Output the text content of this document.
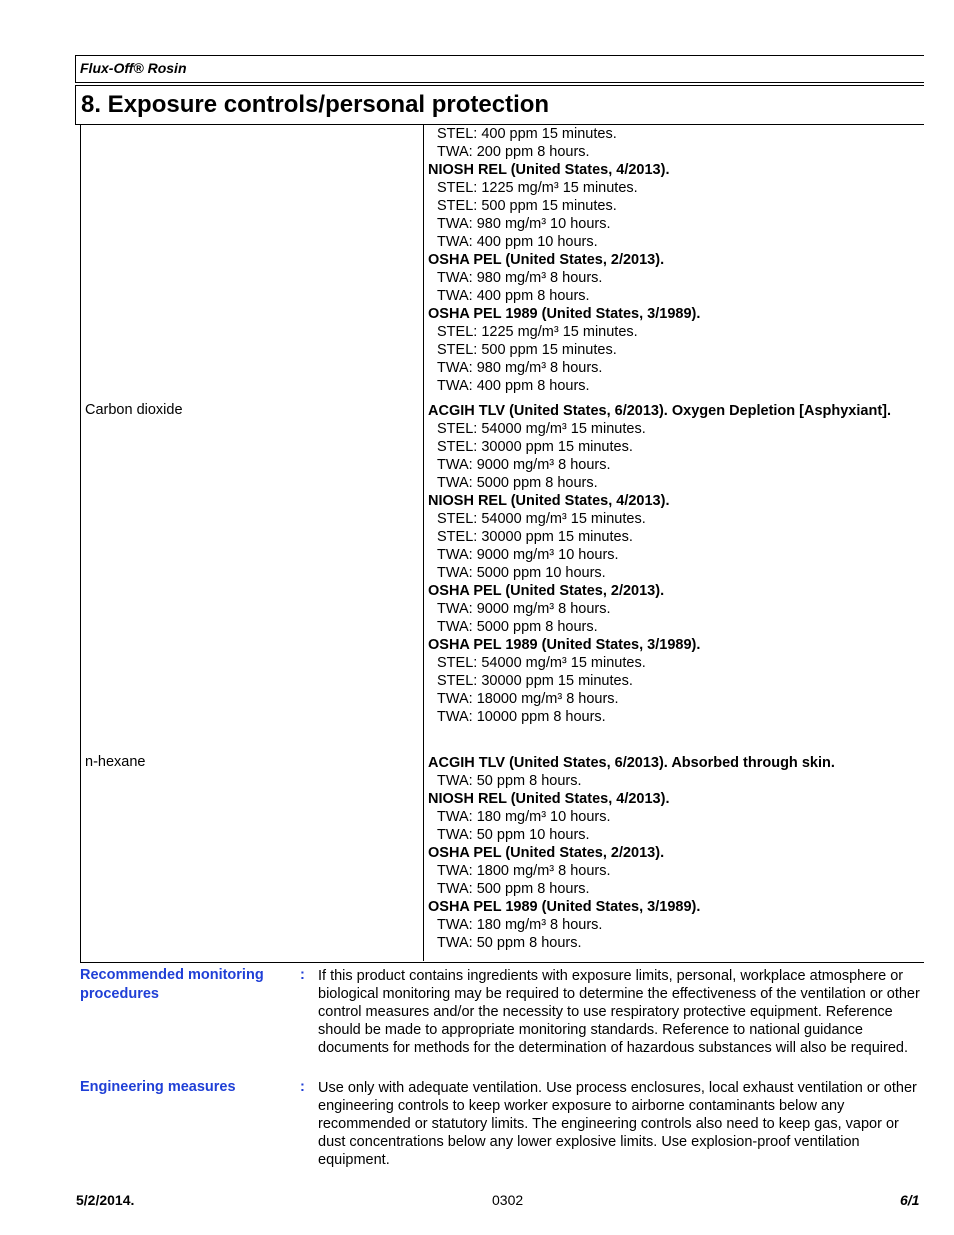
Flux-Off® Rosin
8. Exposure controls/personal protection
STEL: 400 ppm 15 minutes.
TWA: 200 ppm 8 hours.
NIOSH REL (United States, 4/2013).
STEL: 1225 mg/m³ 15 minutes.
STEL: 500 ppm 15 minutes.
TWA: 980 mg/m³ 10 hours.
TWA: 400 ppm 10 hours.
OSHA PEL (United States, 2/2013).
TWA: 980 mg/m³ 8 hours.
TWA: 400 ppm 8 hours.
OSHA PEL 1989 (United States, 3/1989).
STEL: 1225 mg/m³ 15 minutes.
STEL: 500 ppm 15 minutes.
TWA: 980 mg/m³ 8 hours.
TWA: 400 ppm 8 hours.
Carbon dioxide	ACGIH TLV (United States, 6/2013). Oxygen Depletion [Asphyxiant].
STEL: 54000 mg/m³ 15 minutes.
STEL: 30000 ppm 15 minutes.
TWA: 9000 mg/m³ 8 hours.
TWA: 5000 ppm 8 hours.
NIOSH REL (United States, 4/2013).
STEL: 54000 mg/m³ 15 minutes.
STEL: 30000 ppm 15 minutes.
TWA: 9000 mg/m³ 10 hours.
TWA: 5000 ppm 10 hours.
OSHA PEL (United States, 2/2013).
TWA: 9000 mg/m³ 8 hours.
TWA: 5000 ppm 8 hours.
OSHA PEL 1989 (United States, 3/1989).
STEL: 54000 mg/m³ 15 minutes.
STEL: 30000 ppm 15 minutes.
TWA: 18000 mg/m³ 8 hours.
TWA: 10000 ppm 8 hours.
n-hexane	ACGIH TLV (United States, 6/2013). Absorbed through skin.
TWA: 50 ppm 8 hours.
NIOSH REL (United States, 4/2013).
TWA: 180 mg/m³ 10 hours.
TWA: 50 ppm 10 hours.
OSHA PEL (United States, 2/2013).
TWA: 1800 mg/m³ 8 hours.
TWA: 500 ppm 8 hours.
OSHA PEL 1989 (United States, 3/1989).
TWA: 180 mg/m³ 8 hours.
TWA: 50 ppm 8 hours.
Recommended monitoring procedures
: If this product contains ingredients with exposure limits, personal, workplace atmosphere or biological monitoring may be required to determine the effectiveness of the ventilation or other control measures and/or the necessity to use respiratory protective equipment. Reference should be made to appropriate monitoring standards. Reference to national guidance documents for methods for the determination of hazardous substances will also be required.
Engineering measures	: Use only with adequate ventilation. Use process enclosures, local exhaust ventilation or other engineering controls to keep worker exposure to airborne contaminants below any recommended or statutory limits. The engineering controls also need to keep gas, vapor or dust concentrations below any lower explosive limits. Use explosion-proof ventilation equipment.
5/2/2014.	0302	6/1
